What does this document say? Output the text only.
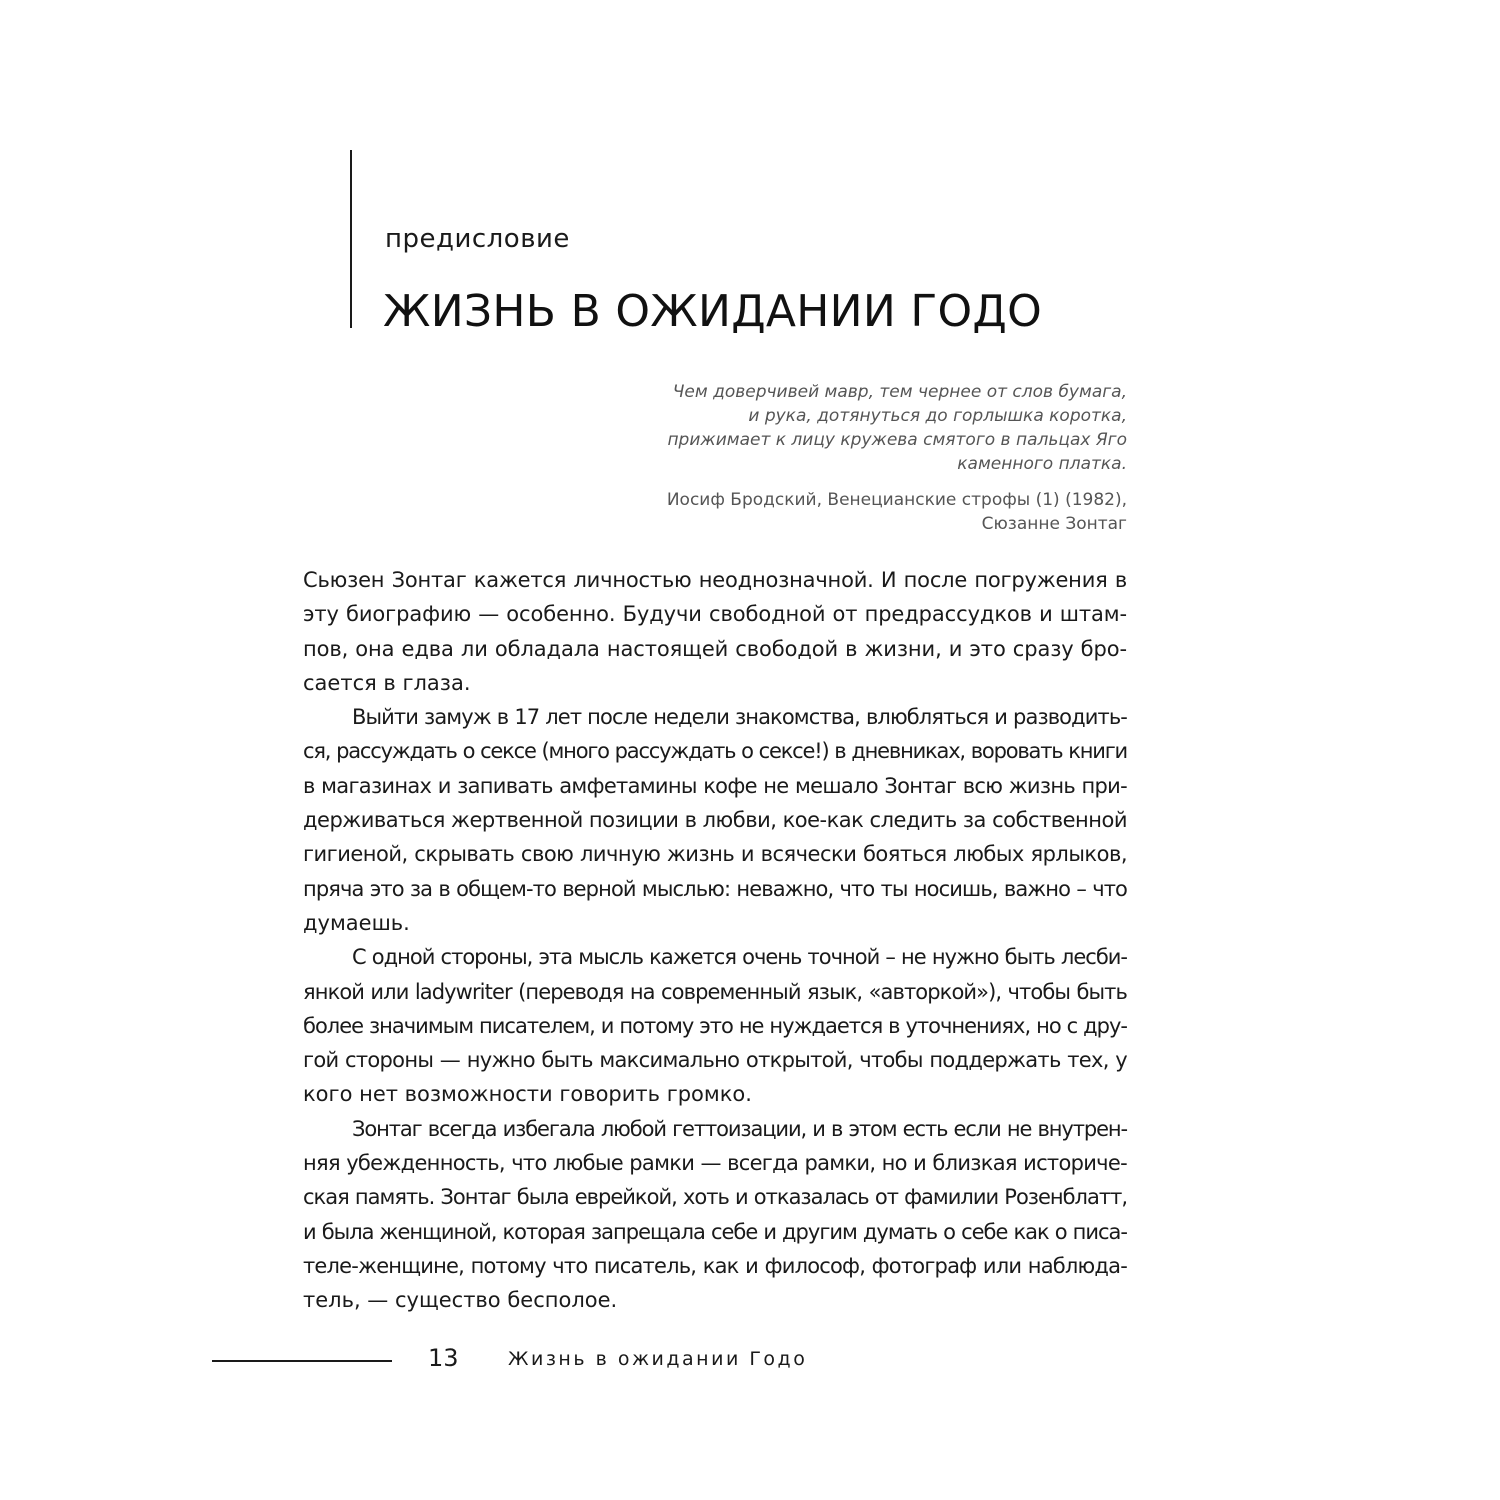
предисловие
ЖИЗНЬ В ОЖИДАНИИ ГОДО
Чем доверчивей мавр, тем чернее от слов бумага,
и рука, дотянуться до горлышка коротка,
прижимает к лицу кружева смятого в пальцах Яго
каменного платка.
Иосиф Бродский, Венецианские строфы (1) (1982),
Сюзанне Зонтаг
Сьюзен Зонтаг кажется личностью неоднозначной. И после погружения в
эту биографию — особенно. Будучи свободной от предрассудков и штам-
пов, она едва ли обладала настоящей свободой в жизни, и это сразу бро-
сается в глаза.
Выйти замуж в 17 лет после недели знакомства, влюбляться и разводить-
ся, рассуждать о сексе (много рассуждать о сексе!) в дневниках, воровать книги
в магазинах и запивать амфетамины кофе не мешало Зонтаг всю жизнь при-
держиваться жертвенной позиции в любви, кое-как следить за собственной
гигиеной, скрывать свою личную жизнь и всячески бояться любых ярлыков,
пряча это за в общем-то верной мыслью: неважно, что ты носишь, важно – что
думаешь.
С одной стороны, эта мысль кажется очень точной – не нужно быть лесби-
янкой или ladywriter (переводя на современный язык, «авторкой»), чтобы быть
более значимым писателем, и потому это не нуждается в уточнениях, но с дру-
гой стороны — нужно быть максимально открытой, чтобы поддержать тех, у
кого нет возможности говорить громко.
Зонтаг всегда избегала любой геттоизации, и в этом есть если не внутрен-
няя убежденность, что любые рамки — всегда рамки, но и близкая историче-
ская память. Зонтаг была еврейкой, хоть и отказалась от фамилии Розенблатт,
и была женщиной, которая запрещала себе и другим думать о себе как о писа-
теле-женщине, потому что писатель, как и философ, фотограф или наблюда-
тель, — существо бесполое.
13	Жизнь в ожидании Годо
